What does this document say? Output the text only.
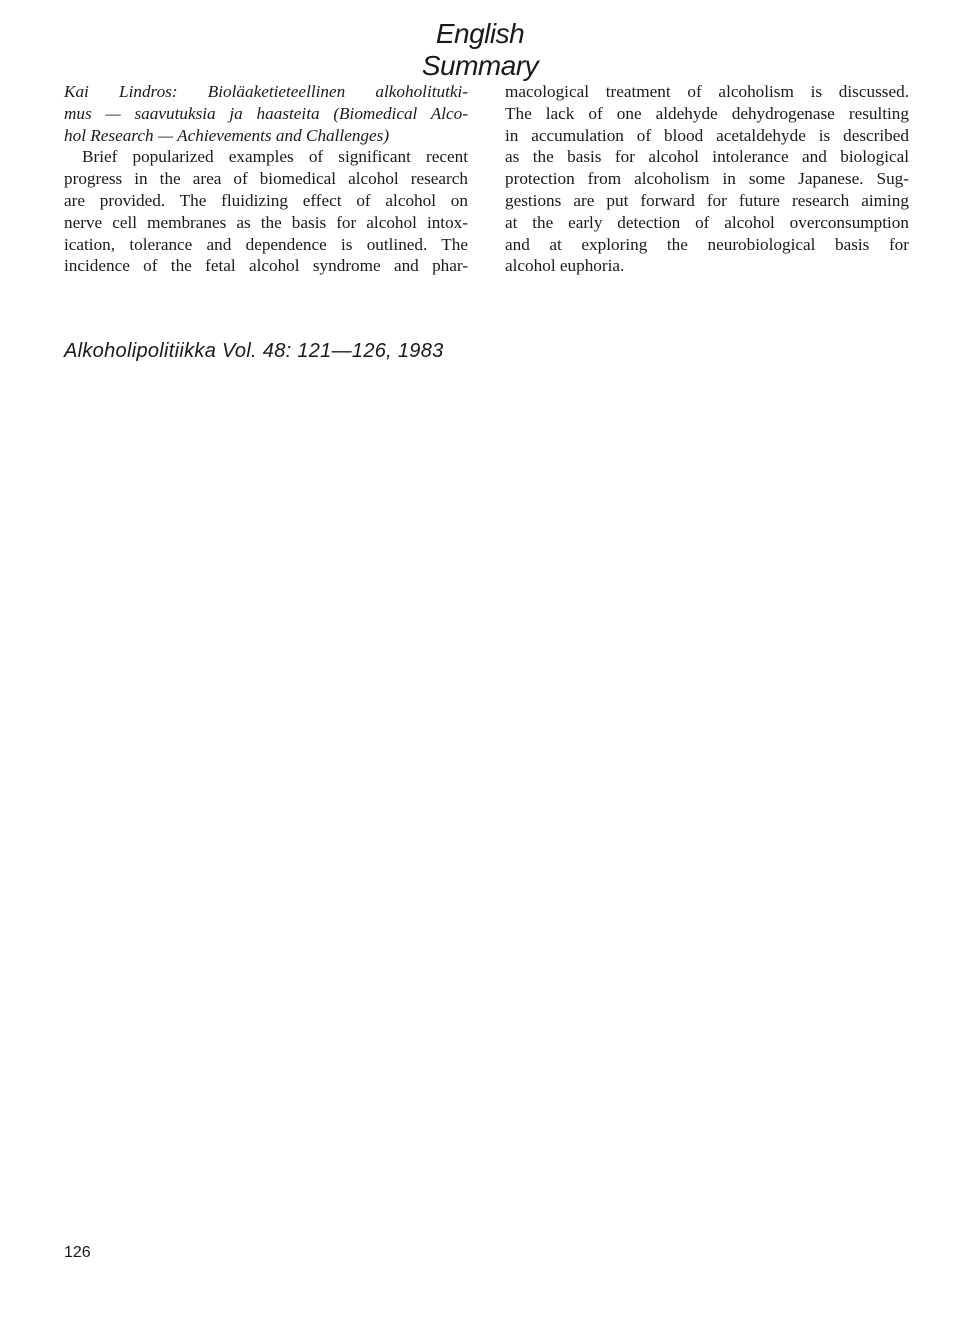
English Summary
Kai Lindros: Bioläaketieteellinen alkoholitutki-
mus — saavutuksia ja haasteita (Biomedical Alco-
hol Research — Achievements and Challenges)
Brief popularized examples of significant recent
progress in the area of biomedical alcohol research
are provided. The fluidizing effect of alcohol on
nerve cell membranes as the basis for alcohol intox-
ication, tolerance and dependence is outlined. The
incidence of the fetal alcohol syndrome and phar-
macological treatment of alcoholism is discussed.
The lack of one aldehyde dehydrogenase resulting
in accumulation of blood acetaldehyde is described
as the basis for alcohol intolerance and biological
protection from alcoholism in some Japanese. Sug-
gestions are put forward for future research aiming
at the early detection of alcohol overconsumption
and at exploring the neurobiological basis for
alcohol euphoria.

Alkoholipolitiikka Vol. 48: 121—126, 1983

126
